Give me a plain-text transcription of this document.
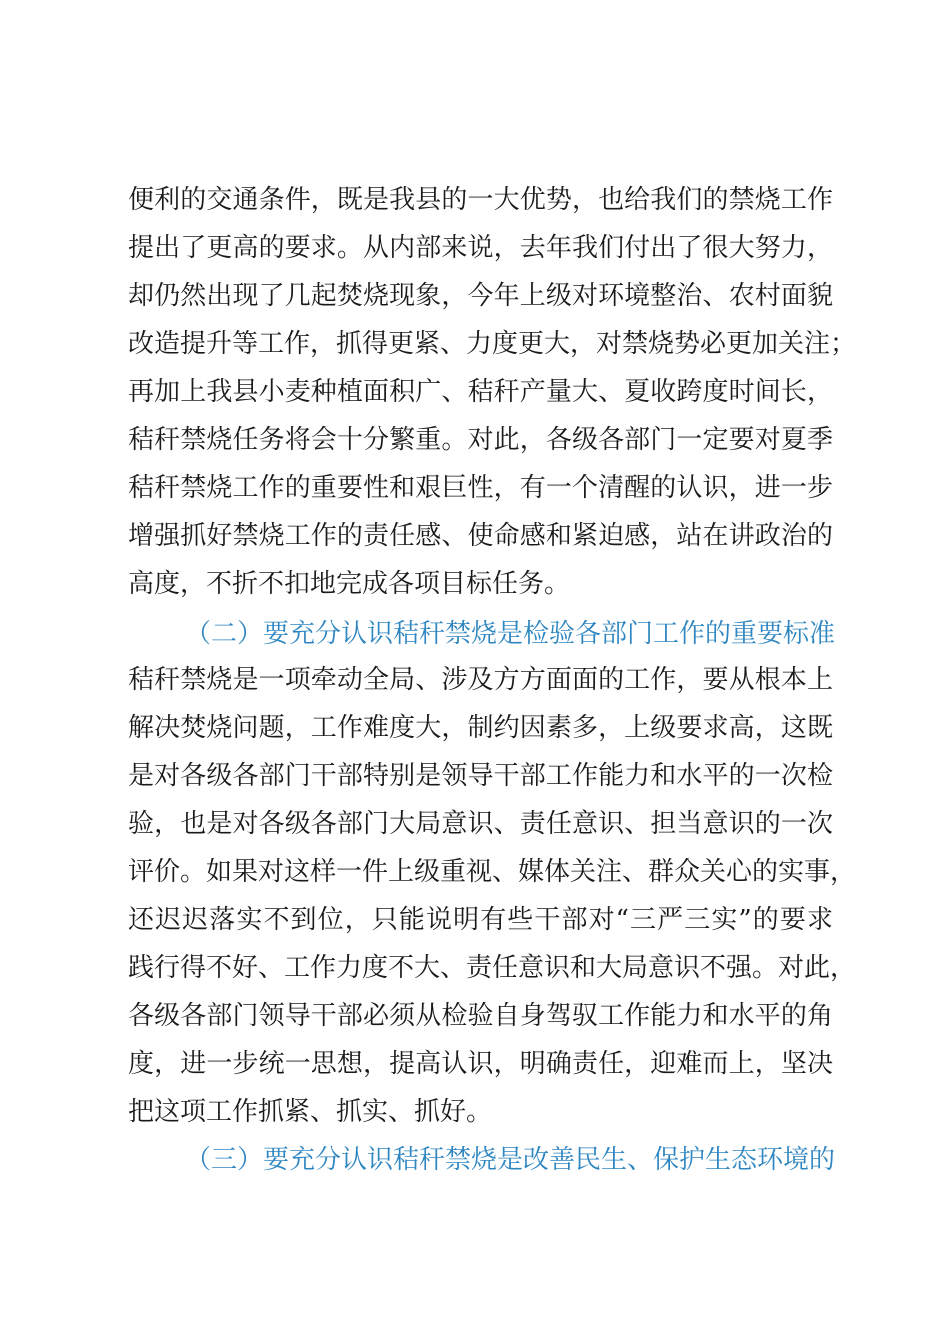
便利的交通条件，既是我县的一大优势，也给我们的禁烧工作
提出了更高的要求。从内部来说，去年我们付出了很大努力，
却仍然出现了几起焚烧现象，今年上级对环境整治、农村面貌
改造提升等工作，抓得更紧、力度更大，对禁烧势必更加关注；
再加上我县小麦种植面积广、秸秆产量大、夏收跨度时间长，
秸秆禁烧任务将会十分繁重。对此，各级各部门一定要对夏季
秸秆禁烧工作的重要性和艰巨性，有一个清醒的认识，进一步
增强抓好禁烧工作的责任感、使命感和紧迫感，站在讲政治的
高度，不折不扣地完成各项目标任务。
（二）要充分认识秸秆禁烧是检验各部门工作的重要标准
秸秆禁烧是一项牵动全局、涉及方方面面的工作，要从根本上
解决焚烧问题，工作难度大，制约因素多，上级要求高，这既
是对各级各部门干部特别是领导干部工作能力和水平的一次检
验，也是对各级各部门大局意识、责任意识、担当意识的一次
评价。如果对这样一件上级重视、媒体关注、群众关心的实事，
还迟迟落实不到位，只能说明有些干部对“三严三实”的要求
践行得不好、工作力度不大、责任意识和大局意识不强。对此，
各级各部门领导干部必须从检验自身驾驭工作能力和水平的角
度，进一步统一思想，提高认识，明确责任，迎难而上，坚决
把这项工作抓紧、抓实、抓好。
（三）要充分认识秸秆禁烧是改善民生、保护生态环境的
